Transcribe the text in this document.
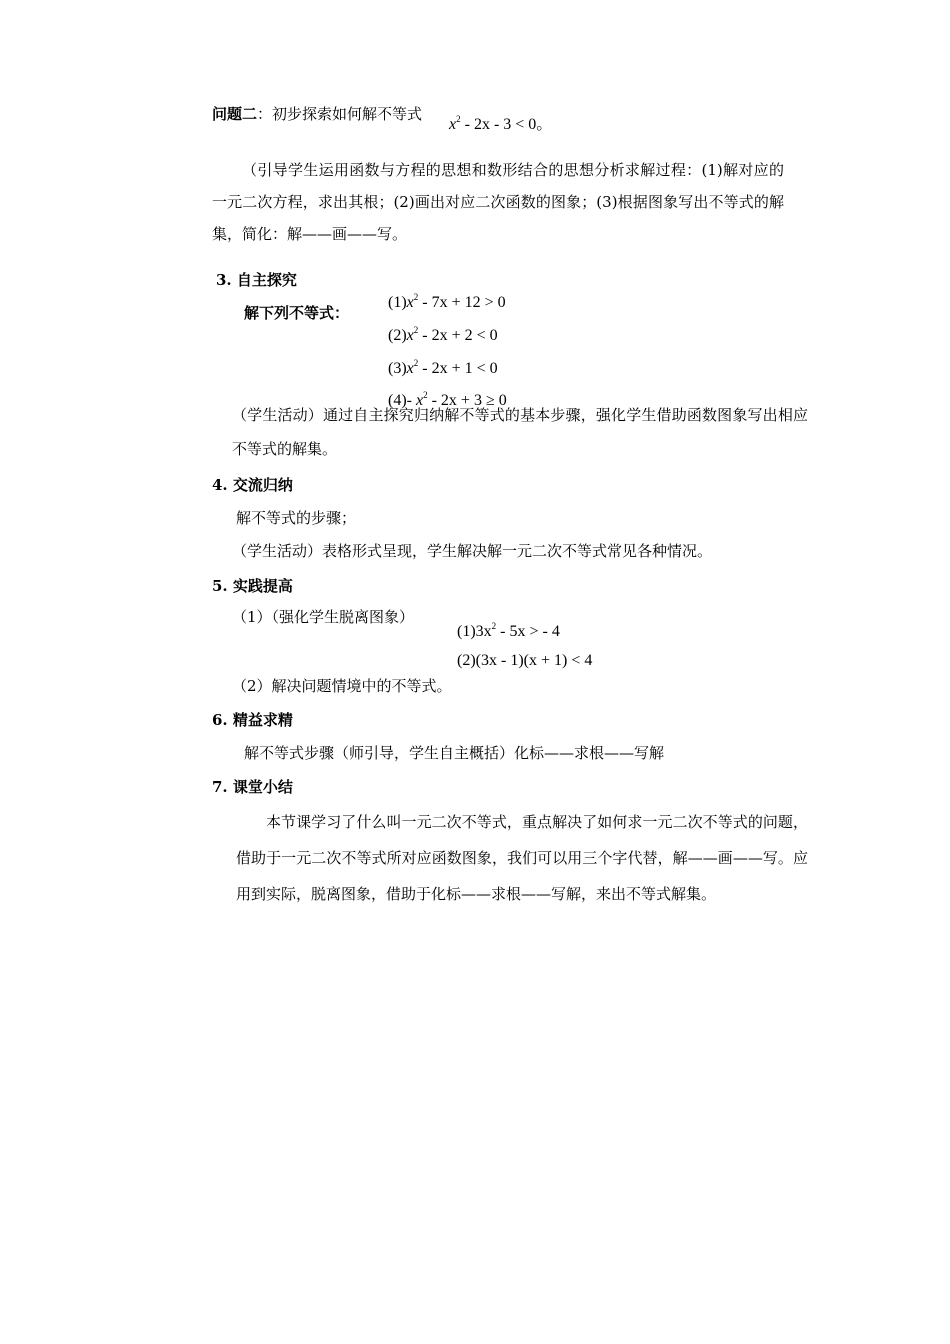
问题二：初步探索如何解不等式
$x^2 - 2x - 3 < 0$。
（引导学生运用函数与方程的思想和数形结合的思想分析求解过程：(1)解对应的一元二次方程，求出其根；(2)画出对应二次函数的图象；(3)根据图象写出不等式的解集，简化：解——画——写。
3. 自主探究
解下列不等式：
$(1)x^2 - 7x + 12 > 0$
$(2)x^2 - 2x + 2 < 0$
$(3)x^2 - 2x + 1 < 0$
(4)- $x^2 - 2x + 3 \ge 0$
（学生活动）通过自主探究归纳解不等式的基本步骤，强化学生借助函数图象写出相应不等式的解集。
4. 交流归纳
解不等式的步骤；
（学生活动）表格形式呈现，学生解决解一元二次不等式常见各种情况。
5. 实践提高
（1）（强化学生脱离图象）
$(1)3x^2 - 5x$ > - 4
(2)(3x - 1)(x + 1) < 4
（2）解决问题情境中的不等式。
6. 精益求精
解不等式步骤（师引导，学生自主概括）化标——求根——写解
7. 课堂小结
本节课学习了什么叫一元二次不等式，重点解决了如何求一元二次不等式的问题，借助于一元二次不等式所对应函数图象，我们可以用三个字代替，解——画——写。应用到实际，脱离图象，借助于化标——求根——写解，来出不等式解集。
